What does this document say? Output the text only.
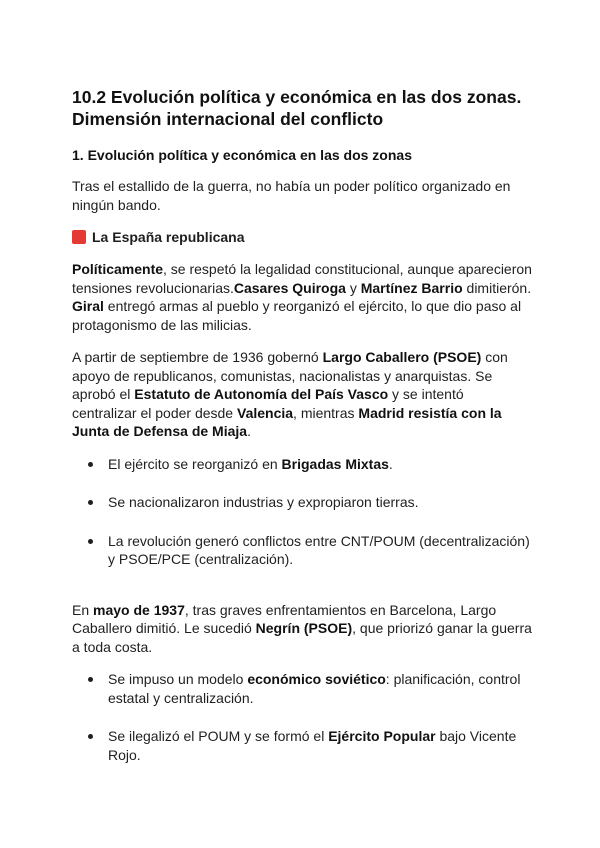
10.2 Evolución política y económica en las dos zonas. Dimensión internacional del conflicto
1. Evolución política y económica en las dos zonas

Tras el estallido de la guerra, no había un poder político organizado en ningún bando.

La España republicana

Políticamente, se respetó la legalidad constitucional, aunque aparecieron tensiones revolucionarias.Casares Quiroga y Martínez Barrio dimitierón. Giral entregó armas al pueblo y reorganizó el ejército, lo que dio paso al protagonismo de las milicias.

A partir de septiembre de 1936 gobernó Largo Caballero (PSOE) con apoyo de republicanos, comunistas, nacionalistas y anarquistas. Se aprobó el Estatuto de Autonomía del País Vasco y se intentó centralizar el poder desde Valencia, mientras Madrid resistía con la Junta de Defensa de Miaja.

El ejército se reorganizó en Brigadas Mixtas.
Se nacionalizaron industrias y expropiaron tierras.
La revolución generó conflictos entre CNT/POUM (decentralización) y PSOE/PCE (centralización).

En mayo de 1937, tras graves enfrentamientos en Barcelona, Largo Caballero dimitió. Le sucedió Negrín (PSOE), que priorizó ganar la guerra a toda costa.

Se impuso un modelo económico soviético: planificación, control estatal y centralización.
Se ilegalizó el POUM y se formó el Ejército Popular bajo Vicente Rojo.
